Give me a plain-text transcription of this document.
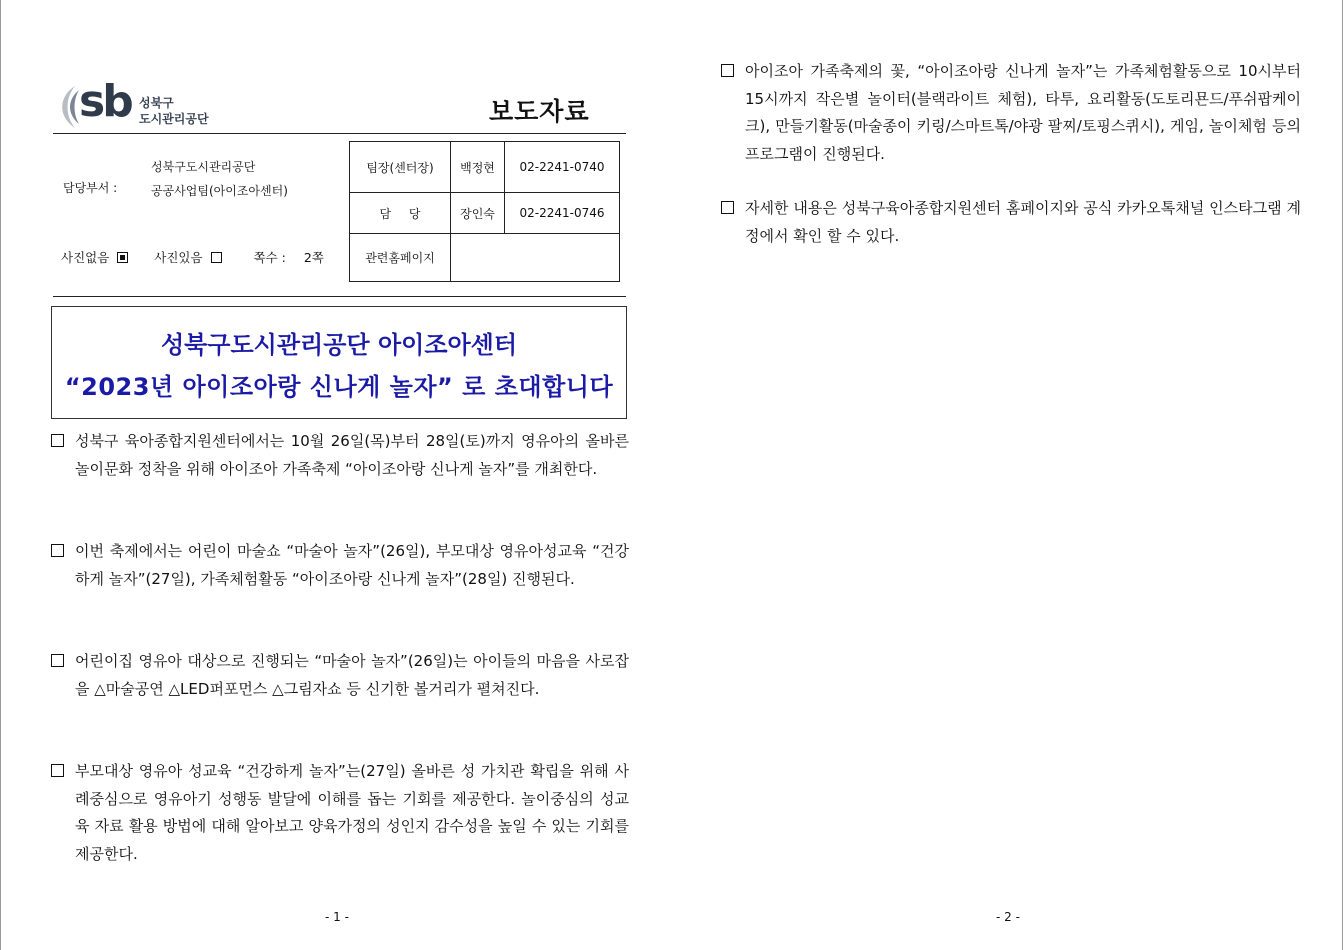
sb 성북구
도시관리공단	보도자료
담당부서 :
성북구도시관리공단
공공사업팀(아이조아센터)
사진없음	사진있음	쪽수 : 2쪽
팀장(센터장)	백정현	02-2241-0740
담 당	장인숙	02-2241-0746
관련홈페이지		
성북구도시관리공단 아이조아센터
“2023년 아이조아랑 신나게 놀자” 로 초대합니다
성북구 육아종합지원센터에서는 10월 26일(목)부터 28일(토)까지 영유아의 올바른 놀이문화 정착을 위해 아이조아 가족축제 “아이조아랑 신나게 놀자”를 개최한다.
이번 축제에서는 어린이 마술쇼 “마술아 놀자”(26일), 부모대상 영유아성교육 “건강하게 놀자”(27일), 가족체험활동 “아이조아랑 신나게 놀자”(28일) 진행된다.
어린이집 영유아 대상으로 진행되는 “마술아 놀자”(26일)는 아이들의 마음을 사로잡을 △마술공연 △LED퍼포먼스 △그림자쇼 등 신기한 볼거리가 펼쳐진다.
부모대상 영유아 성교육 “건강하게 놀자”는(27일) 올바른 성 가치관 확립을 위해 사례중심으로 영유아기 성행동 발달에 이해를 돕는 기회를 제공한다. 놀이중심의 성교육 자료 활용 방법에 대해 알아보고 양육가정의 성인지 감수성을 높일 수 있는 기회를 제공한다.
- 1 -
아이조아 가족축제의 꽃, “아이조아랑 신나게 놀자”는 가족체험활동으로 10시부터 15시까지 작은별 놀이터(블랙라이트 체험), 타투, 요리활동(도토리묜드/푸쉬팝케이크), 만들기활동(마술종이 키링/스마트톡/야광 팔찌/토핑스퀴시), 게임, 놀이체험 등의 프로그램이 진행된다.
자세한 내용은 성북구육아종합지원센터 홈페이지와 공식 카카오톡채널 인스타그램 계정에서 확인 할 수 있다.
- 2 -
